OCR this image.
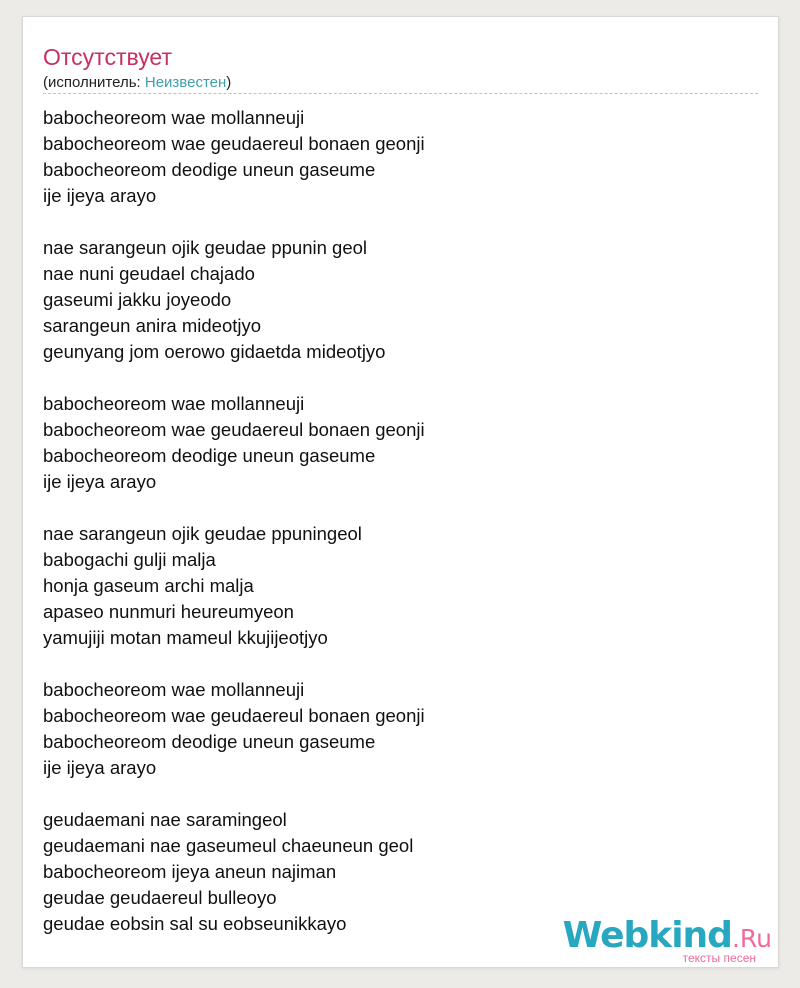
Отсутствует
(исполнитель: Неизвестен)
babocheoreom wae mollanneuji
babocheoreom wae geudaereul bonaen geonji
babocheoreom deodige uneun gaseume
ije ijeya arayo
nae sarangeun ojik geudae ppunin geol
nae nuni geudael chajado
gaseumi jakku joyeodo
sarangeun anira mideotjyo
geunyang jom oerowo gidaetda mideotjyo
babocheoreom wae mollanneuji
babocheoreom wae geudaereul bonaen geonji
babocheoreom deodige uneun gaseume
ije ijeya arayo
nae sarangeun ojik geudae ppuningeol
babogachi gulji malja
honja gaseum archi malja
apaseo nunmuri heureumyeon
yamujiji motan mameul kkujijeotjyo
babocheoreom wae mollanneuji
babocheoreom wae geudaereul bonaen geonji
babocheoreom deodige uneun gaseume
ije ijeya arayo
geudaemani nae saramingeol
geudaemani nae gaseumeul chaeuneun geol
babocheoreom ijeya aneun najiman
geudae geudaereul bulleoyo
geudae eobsin sal su eobseunikkayo	Webkind.Ru
тексты песен
